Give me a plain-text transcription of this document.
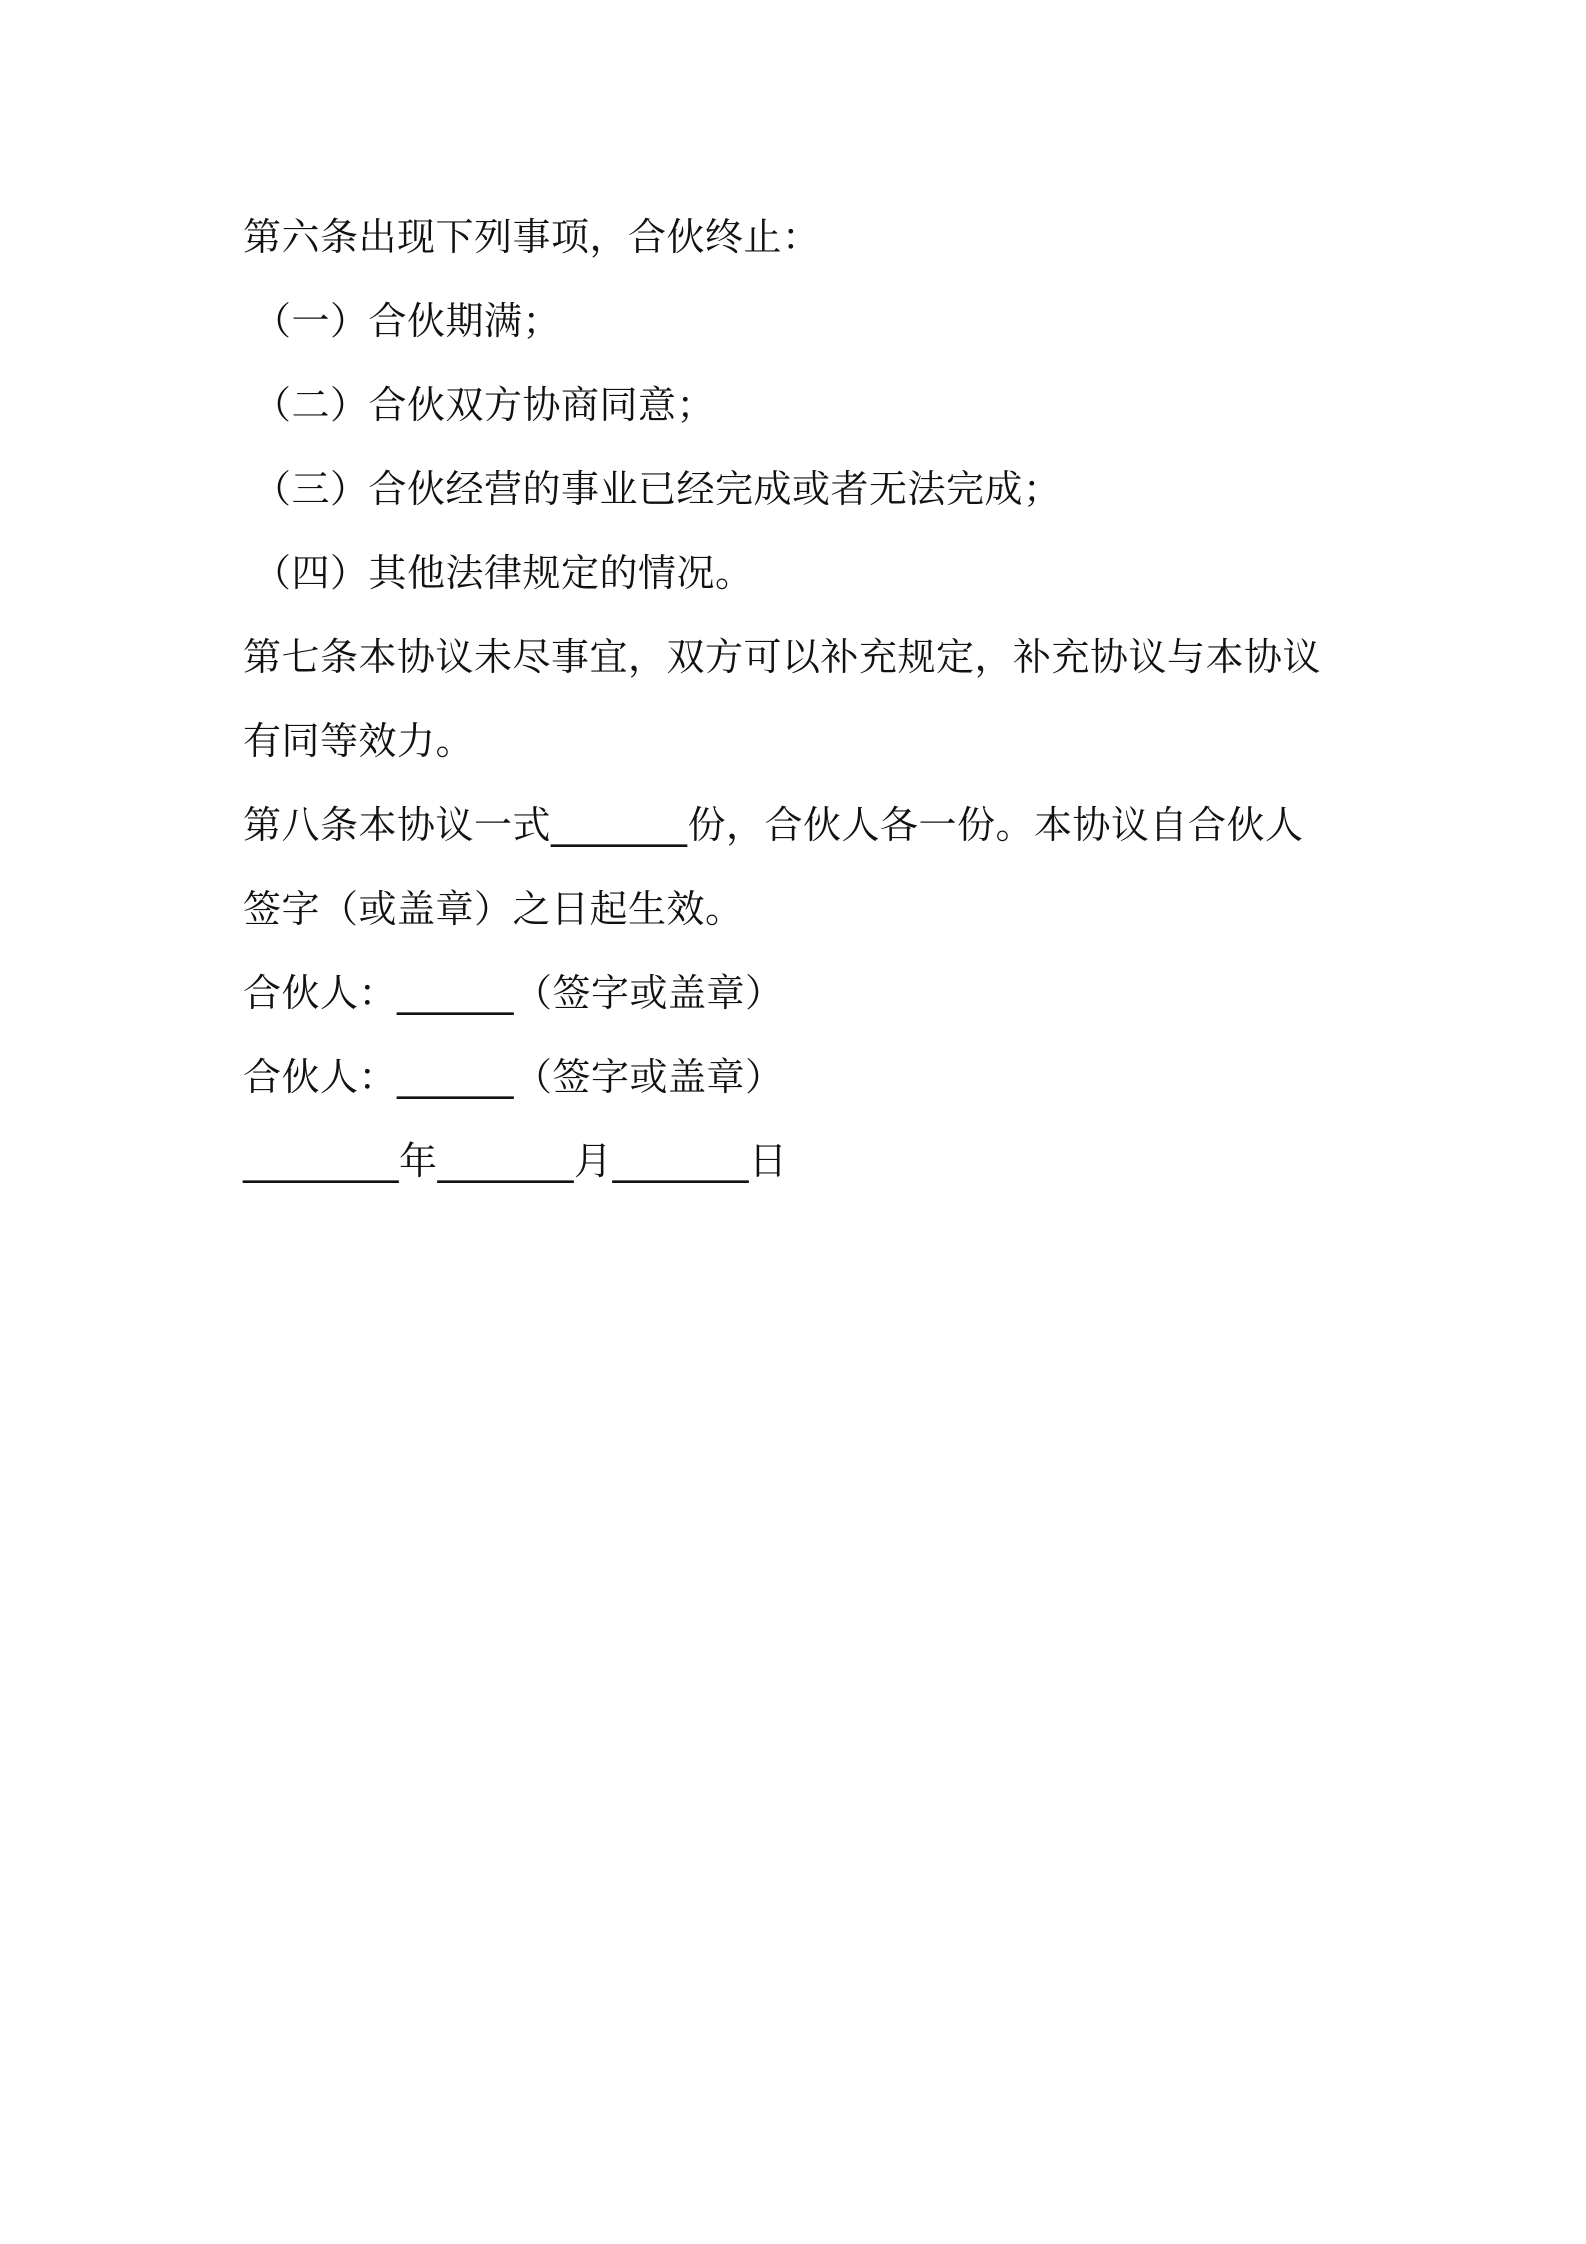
第六条出现下列事项，合伙终止：
（一）合伙期满；
（二）合伙双方协商同意；
（三）合伙经营的事业已经完成或者无法完成；
（四）其他法律规定的情况。
第七条本协议未尽事宜，双方可以补充规定，补充协议与本协议
有同等效力。
第八条本协议一式_______份，合伙人各一份。本协议自合伙人
签字（或盖章）之日起生效。
合伙人：______（签字或盖章）
合伙人：______（签字或盖章）
________年_______月_______日
